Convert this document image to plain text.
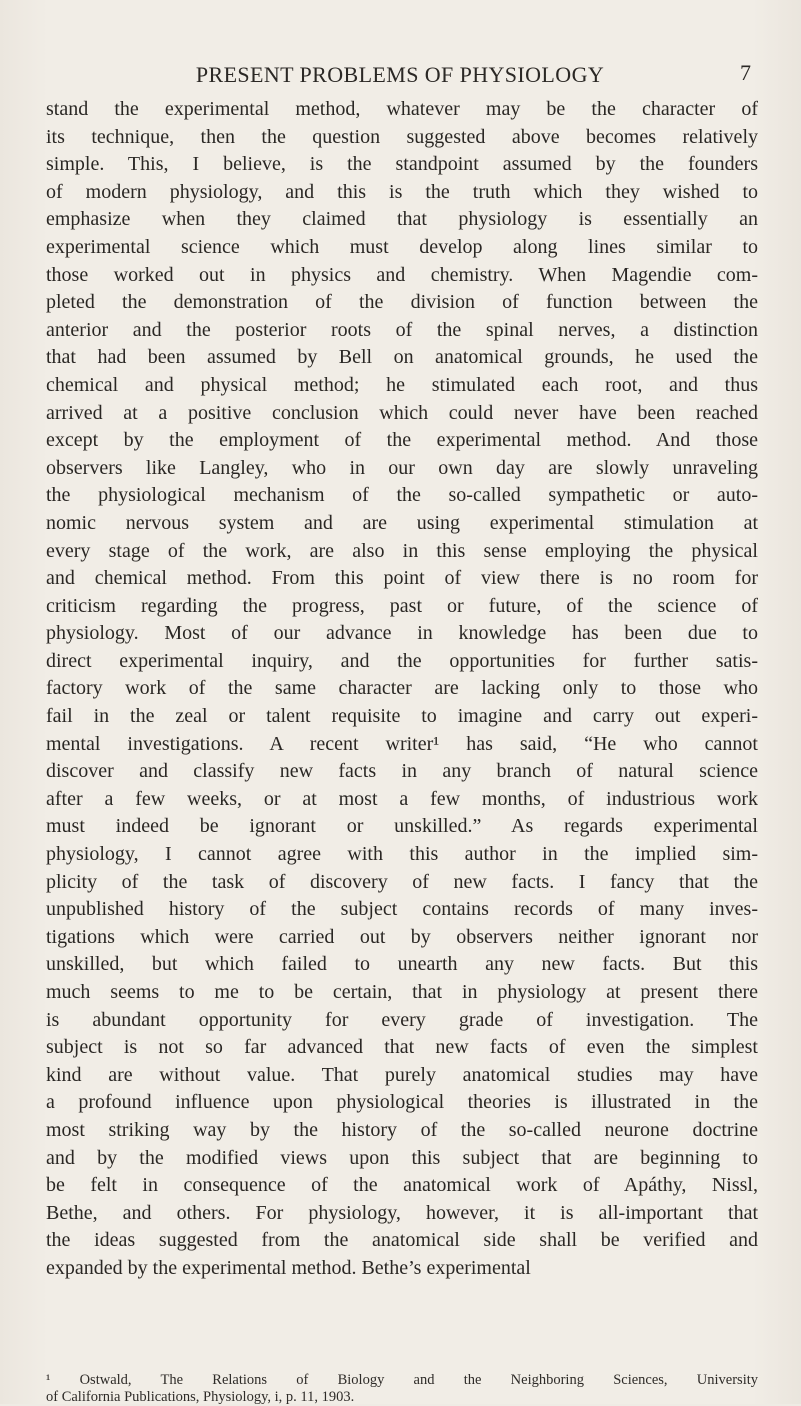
PRESENT PROBLEMS OF PHYSIOLOGY	7
stand the experimental method, whatever may be the character of
its technique, then the question suggested above becomes relatively
simple. This, I believe, is the standpoint assumed by the founders
of modern physiology, and this is the truth which they wished to
emphasize when they claimed that physiology is essentially an
experimental science which must develop along lines similar to
those worked out in physics and chemistry. When Magendie com-
pleted the demonstration of the division of function between the
anterior and the posterior roots of the spinal nerves, a distinction
that had been assumed by Bell on anatomical grounds, he used the
chemical and physical method; he stimulated each root, and thus
arrived at a positive conclusion which could never have been reached
except by the employment of the experimental method. And those
observers like Langley, who in our own day are slowly unraveling
the physiological mechanism of the so-called sympathetic or auto-
nomic nervous system and are using experimental stimulation at
every stage of the work, are also in this sense employing the physical
and chemical method. From this point of view there is no room for
criticism regarding the progress, past or future, of the science of
physiology. Most of our advance in knowledge has been due to
direct experimental inquiry, and the opportunities for further satis-
factory work of the same character are lacking only to those who
fail in the zeal or talent requisite to imagine and carry out experi-
mental investigations. A recent writer¹ has said, “He who cannot
discover and classify new facts in any branch of natural science
after a few weeks, or at most a few months, of industrious work
must indeed be ignorant or unskilled.” As regards experimental
physiology, I cannot agree with this author in the implied sim-
plicity of the task of discovery of new facts. I fancy that the
unpublished history of the subject contains records of many inves-
tigations which were carried out by observers neither ignorant nor
unskilled, but which failed to unearth any new facts. But this
much seems to me to be certain, that in physiology at present there
is abundant opportunity for every grade of investigation. The
subject is not so far advanced that new facts of even the simplest
kind are without value. That purely anatomical studies may have
a profound influence upon physiological theories is illustrated in the
most striking way by the history of the so-called neurone doctrine
and by the modified views upon this subject that are beginning to
be felt in consequence of the anatomical work of Apáthy, Nissl,
Bethe, and others. For physiology, however, it is all-important that
the ideas suggested from the anatomical side shall be verified and
expanded by the experimental method. Bethe’s experimental
¹ Ostwald, The Relations of Biology and the Neighboring Sciences, University
of California Publications, Physiology, i, p. 11, 1903.
